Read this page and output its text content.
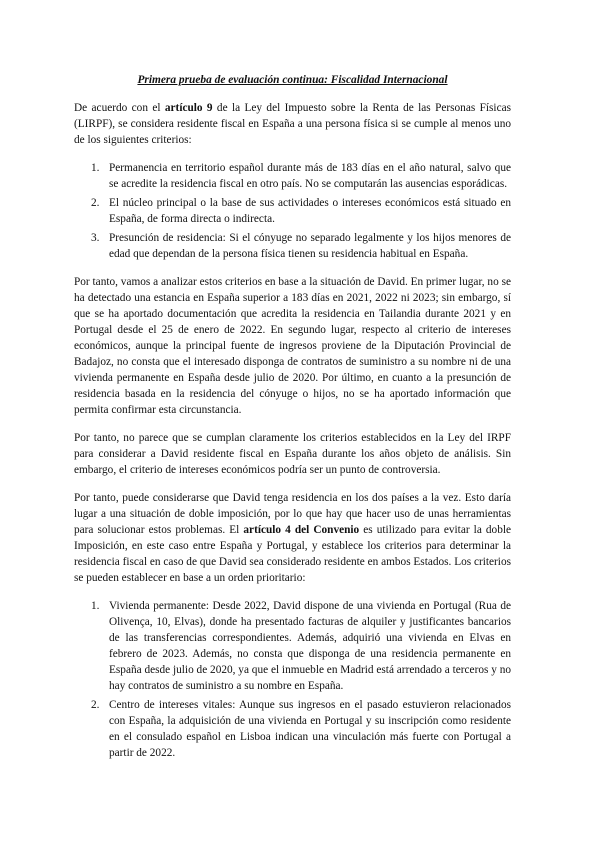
Primera prueba de evaluación continua: Fiscalidad Internacional

De acuerdo con el artículo 9 de la Ley del Impuesto sobre la Renta de las Personas Físicas (LIRPF), se considera residente fiscal en España a una persona física si se cumple al menos uno de los siguientes criterios:

1. Permanencia en territorio español durante más de 183 días en el año natural, salvo que se acredite la residencia fiscal en otro país. No se computarán las ausencias esporádicas.
2. El núcleo principal o la base de sus actividades o intereses económicos está situado en España, de forma directa o indirecta.
3. Presunción de residencia: Si el cónyuge no separado legalmente y los hijos menores de edad que dependan de la persona física tienen su residencia habitual en España.

Por tanto, vamos a analizar estos criterios en base a la situación de David. En primer lugar, no se ha detectado una estancia en España superior a 183 días en 2021, 2022 ni 2023; sin embargo, sí que se ha aportado documentación que acredita la residencia en Tailandia durante 2021 y en Portugal desde el 25 de enero de 2022. En segundo lugar, respecto al criterio de intereses económicos, aunque la principal fuente de ingresos proviene de la Diputación Provincial de Badajoz, no consta que el interesado disponga de contratos de suministro a su nombre ni de una vivienda permanente en España desde julio de 2020. Por último, en cuanto a la presunción de residencia basada en la residencia del cónyuge o hijos, no se ha aportado información que permita confirmar esta circunstancia.

Por tanto, no parece que se cumplan claramente los criterios establecidos en la Ley del IRPF para considerar a David residente fiscal en España durante los años objeto de análisis. Sin embargo, el criterio de intereses económicos podría ser un punto de controversia.

Por tanto, puede considerarse que David tenga residencia en los dos países a la vez. Esto daría lugar a una situación de doble imposición, por lo que hay que hacer uso de unas herramientas para solucionar estos problemas. El artículo 4 del Convenio es utilizado para evitar la doble Imposición, en este caso entre España y Portugal, y establece los criterios para determinar la residencia fiscal en caso de que David sea considerado residente en ambos Estados. Los criterios se pueden establecer en base a un orden prioritario:

1. Vivienda permanente: Desde 2022, David dispone de una vivienda en Portugal (Rua de Olivença, 10, Elvas), donde ha presentado facturas de alquiler y justificantes bancarios de las transferencias correspondientes. Además, adquirió una vivienda en Elvas en febrero de 2023. Además, no consta que disponga de una residencia permanente en España desde julio de 2020, ya que el inmueble en Madrid está arrendado a terceros y no hay contratos de suministro a su nombre en España.
2. Centro de intereses vitales: Aunque sus ingresos en el pasado estuvieron relacionados con España, la adquisición de una vivienda en Portugal y su inscripción como residente en el consulado español en Lisboa indican una vinculación más fuerte con Portugal a partir de 2022.
